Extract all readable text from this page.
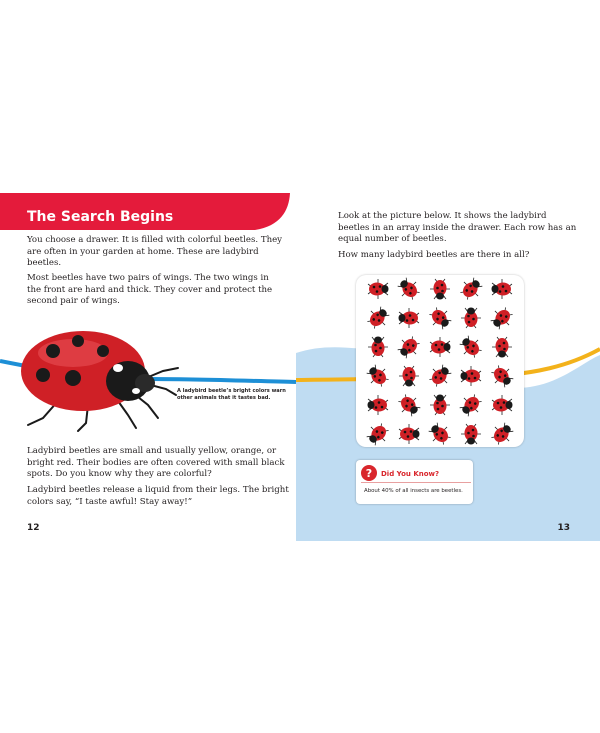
The Search Begins

You choose a drawer. It is filled with colorful beetles. They are often in your garden at home. These are ladybird beetles.

Most beetles have two pairs of wings. The two wings in the front are hard and thick. They cover and protect the second pair of wings.

A ladybird beetle’s bright colors warn other animals that it tastes bad.

Ladybird beetles are small and usually yellow, orange, or bright red. Their bodies are often covered with small black spots. Do you know why they are colorful?

Ladybird beetles release a liquid from their legs. The bright colors say, “I taste awful! Stay away!”

12

Look at the picture below. It shows the ladybird beetles in an array inside the drawer. Each row has an equal number of beetles.

How many ladybird beetles are there in all?

? Did You Know?
About 40% of all insects are beetles.
13
